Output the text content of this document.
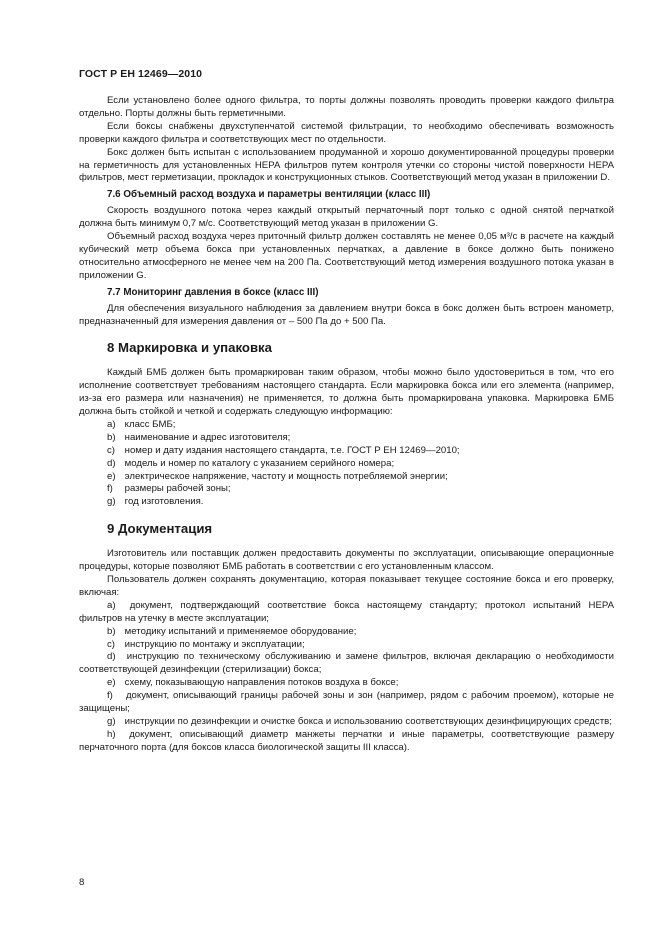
ГОСТ Р ЕН 12469—2010

Если установлено более одного фильтра, то порты должны позволять проводить проверки каждого фильтра отдельно. Порты должны быть герметичными.

Если боксы снабжены двухступенчатой системой фильтрации, то необходимо обеспечивать возможность проверки каждого фильтра и соответствующих мест по отдельности.

Бокс должен быть испытан с использованием продуманной и хорошо документированной процедуры проверки на герметичность для установленных НЕРА фильтров путем контроля утечки со стороны чистой поверхности НЕРА фильтров, мест герметизации, прокладок и конструкционных стыков. Соответствующий метод указан в приложении D.

7.6 Объемный расход воздуха и параметры вентиляции (класс III)

Скорость воздушного потока через каждый открытый перчаточный порт только с одной снятой перчаткой должна быть минимум 0,7 м/с. Соответствующий метод указан в приложении G.

Объемный расход воздуха через приточный фильтр должен составлять не менее 0,05 м³/с в расчете на каждый кубический метр объема бокса при установленных перчатках, а давление в боксе должно быть понижено относительно атмосферного не менее чем на 200 Па. Соответствующий метод измерения воздушного потока указан в приложении G.

7.7 Мониторинг давления в боксе (класс III)

Для обеспечения визуального наблюдения за давлением внутри бокса в бокс должен быть встроен манометр, предназначенный для измерения давления от – 500 Па до + 500 Па.

8 Маркировка и упаковка

Каждый БМБ должен быть промаркирован таким образом, чтобы можно было удостовериться в том, что его исполнение соответствует требованиям настоящего стандарта. Если маркировка бокса или его элемента (например, из-за его размера или назначения) не применяется, то должна быть промаркирована упаковка. Маркировка БМБ должна быть стойкой и четкой и содержать следующую информацию:

a) класс БМБ;

b) наименование и адрес изготовителя;

c) номер и дату издания настоящего стандарта, т.е. ГОСТ Р ЕН 12469—2010;

d) модель и номер по каталогу с указанием серийного номера;

e) электрическое напряжение, частоту и мощность потребляемой энергии;

f) размеры рабочей зоны;

g) год изготовления.

9 Документация

Изготовитель или поставщик должен предоставить документы по эксплуатации, описывающие операционные процедуры, которые позволяют БМБ работать в соответствии с его установленным классом.

Пользователь должен сохранять документацию, которая показывает текущее состояние бокса и его проверку, включая:

a) документ, подтверждающий соответствие бокса настоящему стандарту; протокол испытаний НЕРА фильтров на утечку в месте эксплуатации;

b) методику испытаний и применяемое оборудование;

c) инструкцию по монтажу и эксплуатации;

d) инструкцию по техническому обслуживанию и замене фильтров, включая декларацию о необходимости соответствующей дезинфекции (стерилизации) бокса;

e) схему, показывающую направления потоков воздуха в боксе;

f) документ, описывающий границы рабочей зоны и зон (например, рядом с рабочим проемом), которые не защищены;

g) инструкции по дезинфекции и очистке бокса и использованию соответствующих дезинфицирующих средств;

h) документ, описывающий диаметр манжеты перчатки и иные параметры, соответствующие размеру перчаточного порта (для боксов класса биологической защиты III класса).

8
